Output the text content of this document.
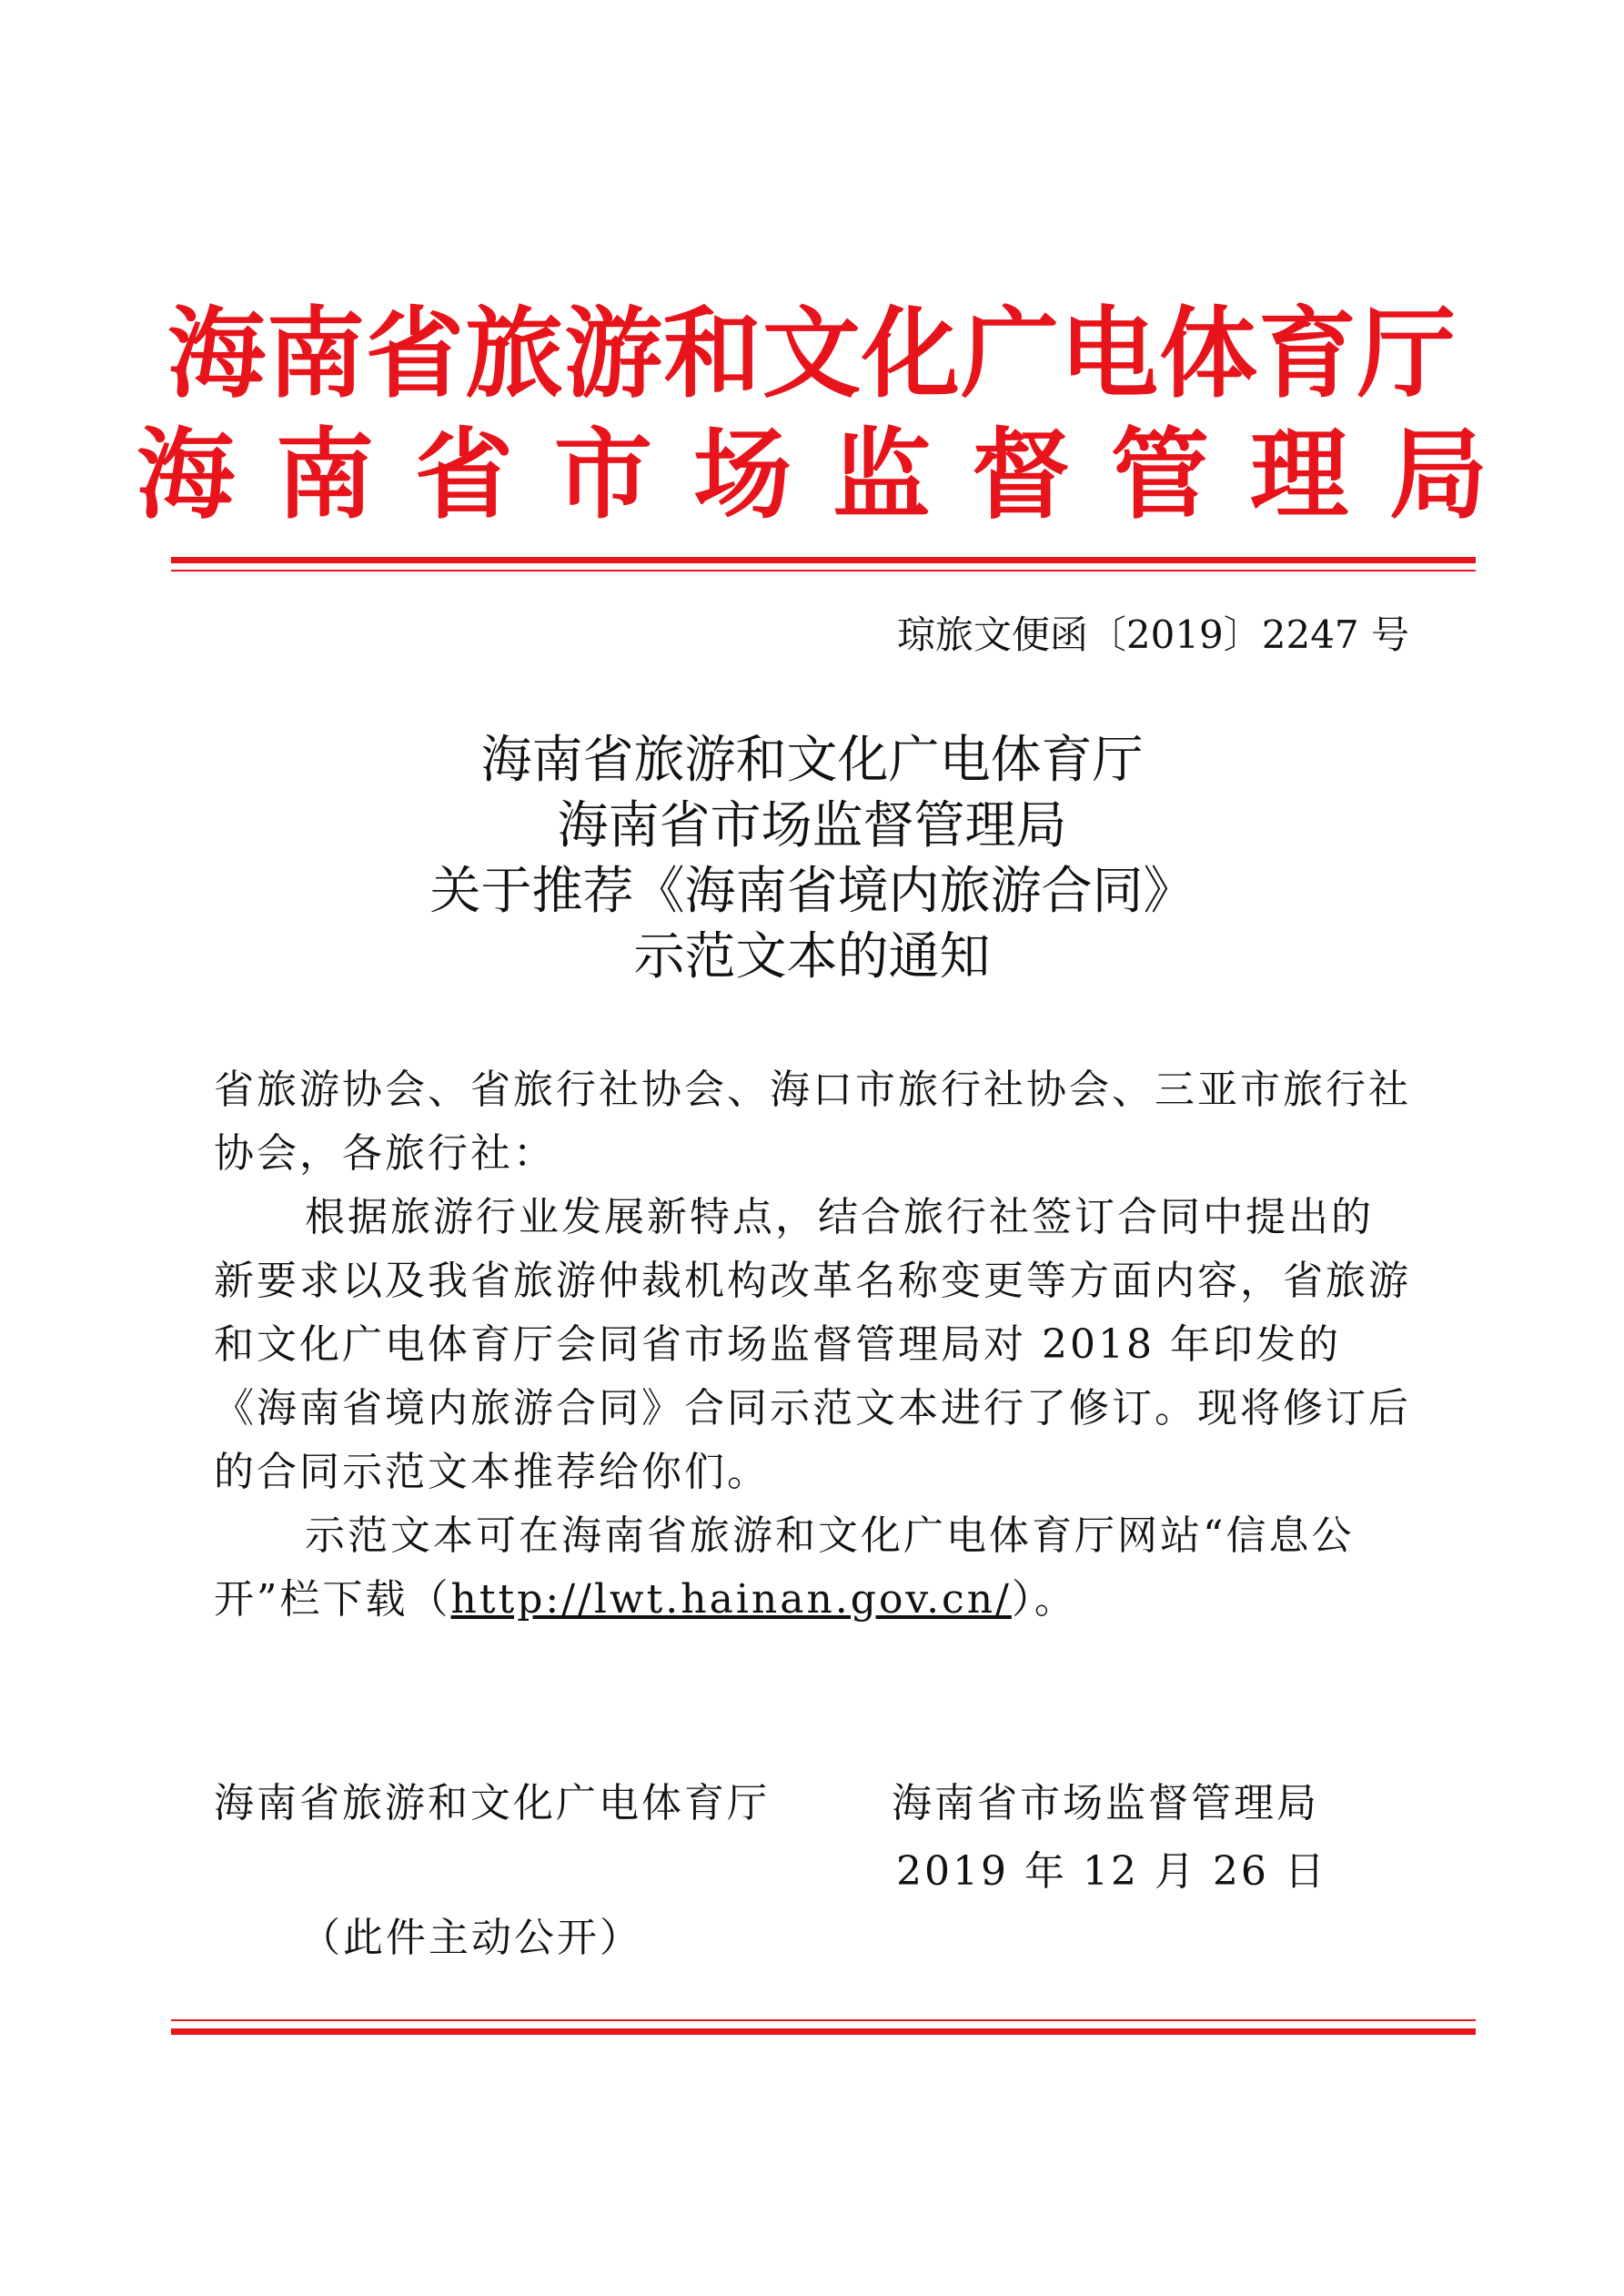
海南省旅游和文化广电体育厅
海南省市场监督管理局
琼旅文便函〔2019〕2247 号
海南省旅游和文化广电体育厅
海南省市场监督管理局
关于推荐《海南省境内旅游合同》
示范文本的通知
省旅游协会、省旅行社协会、海口市旅行社协会、三亚市旅行社协会，各旅行社：
根据旅游行业发展新特点，结合旅行社签订合同中提出的新要求以及我省旅游仲裁机构改革名称变更等方面内容，省旅游和文化广电体育厅会同省市场监督管理局对 2018 年印发的《海南省境内旅游合同》合同示范文本进行了修订。现将修订后的合同示范文本推荐给你们。
示范文本可在海南省旅游和文化广电体育厅网站“信息公开”栏下载（http://lwt.hainan.gov.cn/）。
海南省旅游和文化广电体育厅	海南省市场监督管理局
2019 年 12 月 26 日
（此件主动公开）
